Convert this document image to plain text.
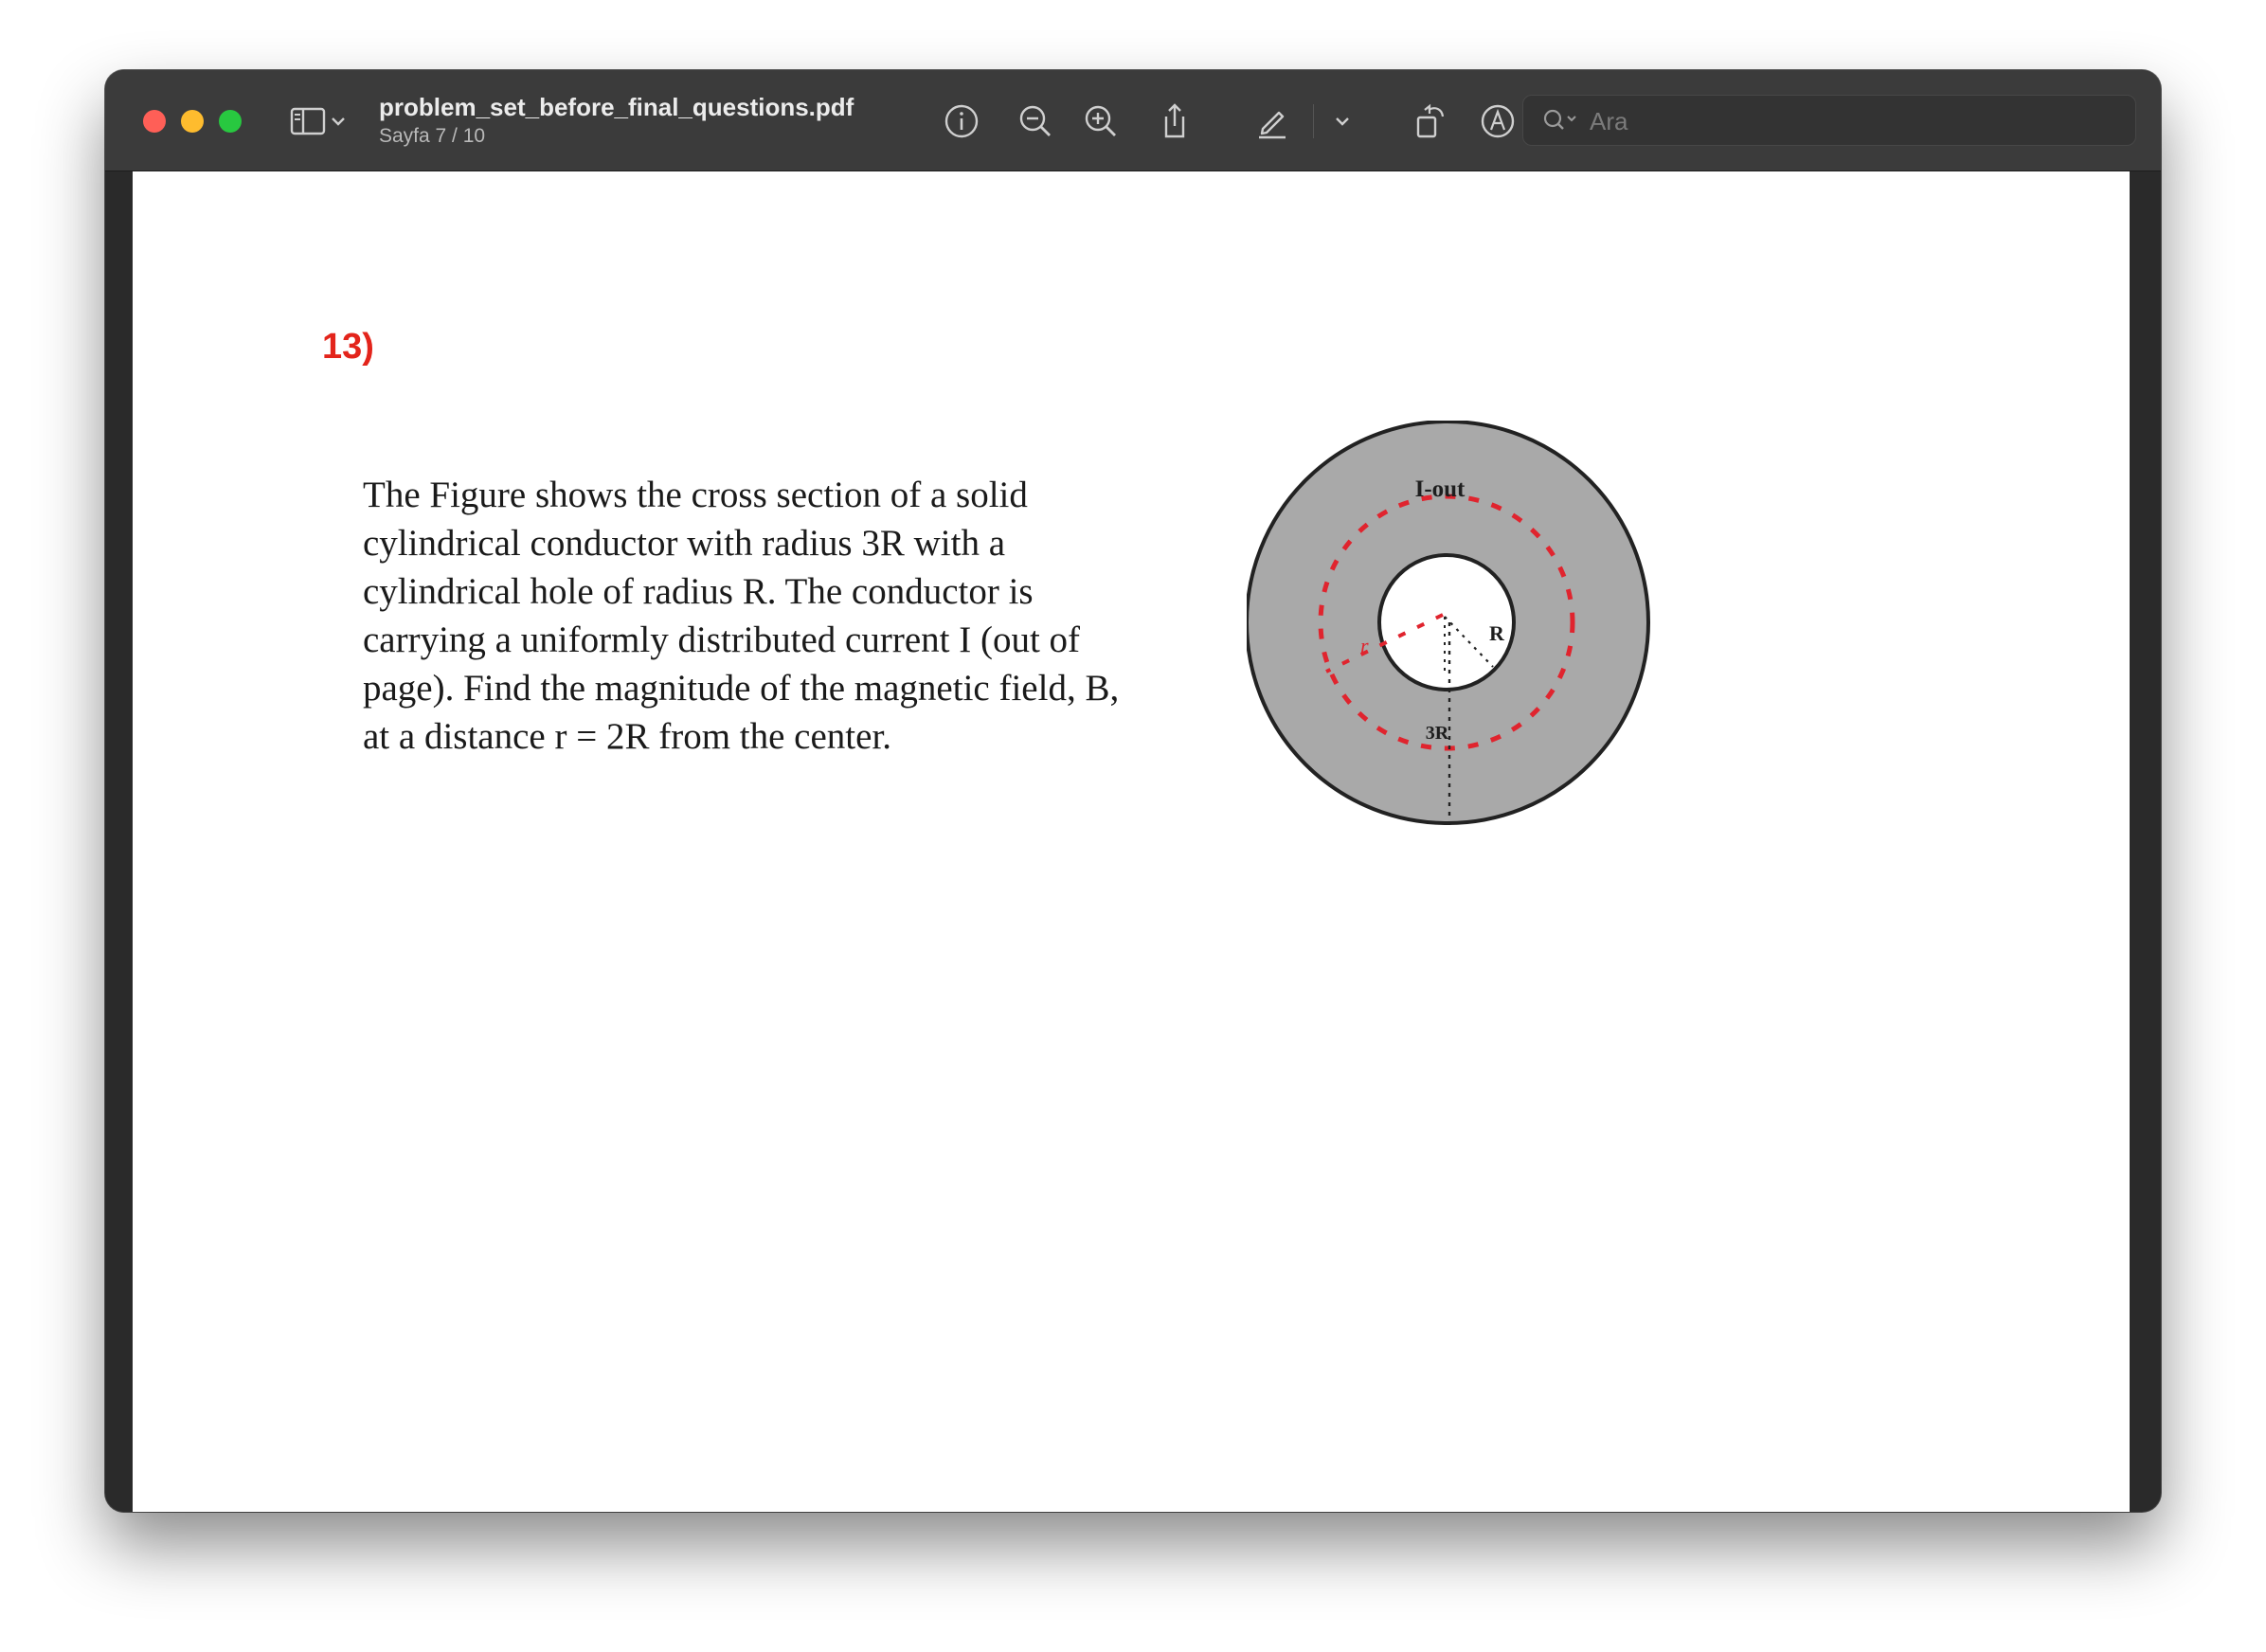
problem_set_before_final_questions.pdf
Sayfa 7 / 10
Ara
13)

The Figure shows the cross section of a solid
cylindrical conductor with radius 3R with a
cylindrical hole of radius R. The conductor is
carrying a uniformly distributed current I (out of
page). Find the magnitude of the magnetic field, B,
at a distance r = 2R from the center.

I-out
R
3R
r
